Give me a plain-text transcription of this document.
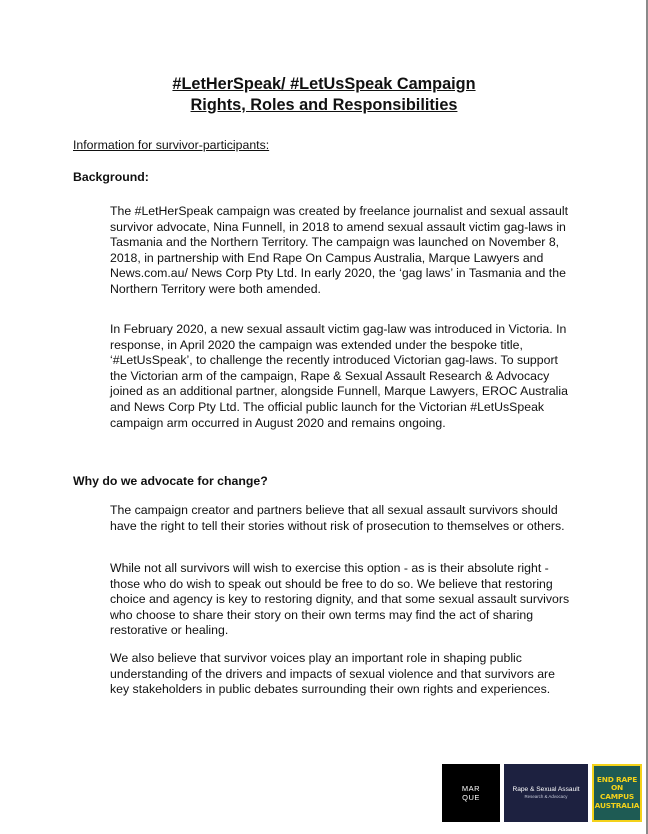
#LetHerSpeak/ #LetUsSpeak Campaign

Rights, Roles and Responsibilities

Information for survivor-participants:
Background:

The #LetHerSpeak campaign was created by freelance journalist and sexual assault survivor advocate, Nina Funnell, in 2018 to amend sexual assault victim gag-laws in Tasmania and the Northern Territory. The campaign was launched on November 8, 2018, in partnership with End Rape On Campus Australia, Marque Lawyers and News.com.au/ News Corp Pty Ltd. In early 2020, the ‘gag laws’ in Tasmania and the Northern Territory were both amended.

In February 2020, a new sexual assault victim gag-law was introduced in Victoria. In response, in April 2020 the campaign was extended under the bespoke title, ‘#LetUsSpeak’, to challenge the recently introduced Victorian gag-laws. To support the Victorian arm of the campaign, Rape & Sexual Assault Research & Advocacy joined as an additional partner, alongside Funnell, Marque Lawyers, EROC Australia and News Corp Pty Ltd. The official public launch for the Victorian #LetUsSpeak campaign arm occurred in August 2020 and remains ongoing.

Why do we advocate for change?

The campaign creator and partners believe that all sexual assault survivors should have the right to tell their stories without risk of prosecution to themselves or others.

While not all survivors will wish to exercise this option - as is their absolute right - those who do wish to speak out should be free to do so. We believe that restoring choice and agency is key to restoring dignity, and that some sexual assault survivors who choose to share their story on their own terms may find the act of sharing restorative or healing.

We also believe that survivor voices play an important role in shaping public understanding of the drivers and impacts of sexual violence and that survivors are key stakeholders in public debates surrounding their own rights and experiences.

MAR
QUE
Rape & Sexual Assault
Research & Advocacy
END RAPE
ON CAMPUS
AUSTRALIA
